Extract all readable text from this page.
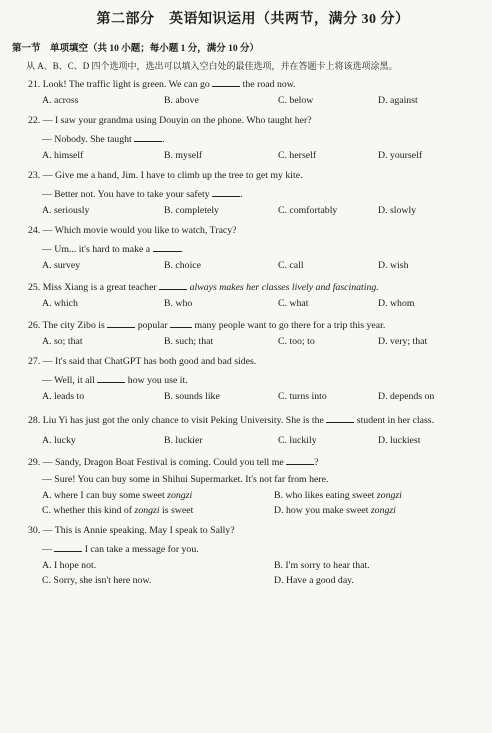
第二部分　英语知识运用（共两节，满分 30 分）
第一节　单项填空（共 10 小题；每小题 1 分，满分 10 分）
从 A、B、C、D 四个选项中，选出可以填入空白处的最佳选项，并在答题卡上将该选项涂黑。
21. Look! The traffic light is green. We can go	the road now.
A. across	B. above	C. below	D. against
22. — I saw your grandma using Douyin on the phone. Who taught her?
— Nobody. She taught	.
A. himself	B. myself	C. herself	D. yourself
23. — Give me a hand, Jim. I have to climb up the tree to get my kite.
— Better not. You have to take your safety	.
A. seriously	B. completely	C. comfortably	D. slowly
24. — Which movie would you like to watch, Tracy?
— Um... it's hard to make a	.
A. survey	B. choice	C. call	D. wish
25. Miss Xiang is a great teacher	always makes her classes lively and fascinating.
A. which	B. who	C. what	D. whom
26. The city Zibo is	popular  many people want to go there for a trip this year.
A. so; that	B. such; that	C. too; to	D. very; that
27. — It's said that ChatGPT has both good and bad sides.
— Well, it all	how you use it.
A. leads to	B. sounds like	C. turns into	D. depends on
28. Liu Yi has just got the only chance to visit Peking University. She is the	student in her class.
A. lucky	B. luckier	C. luckily	D. luckiest
29. — Sandy, Dragon Boat Festival is coming. Could you tell me	?
— Sure! You can buy some in Shihui Supermarket. It's not far from here.
A. where I can buy some sweet zongzi	B. who likes eating sweet zongzi
C. whether this kind of zongzi is sweet	D. how you make sweet zongzi
30. — This is Annie speaking. May I speak to Sally?
—	I can take a message for you.
A. I hope not.	B. I'm sorry to hear that.
C. Sorry, she isn't here now.	D. Have a good day.
